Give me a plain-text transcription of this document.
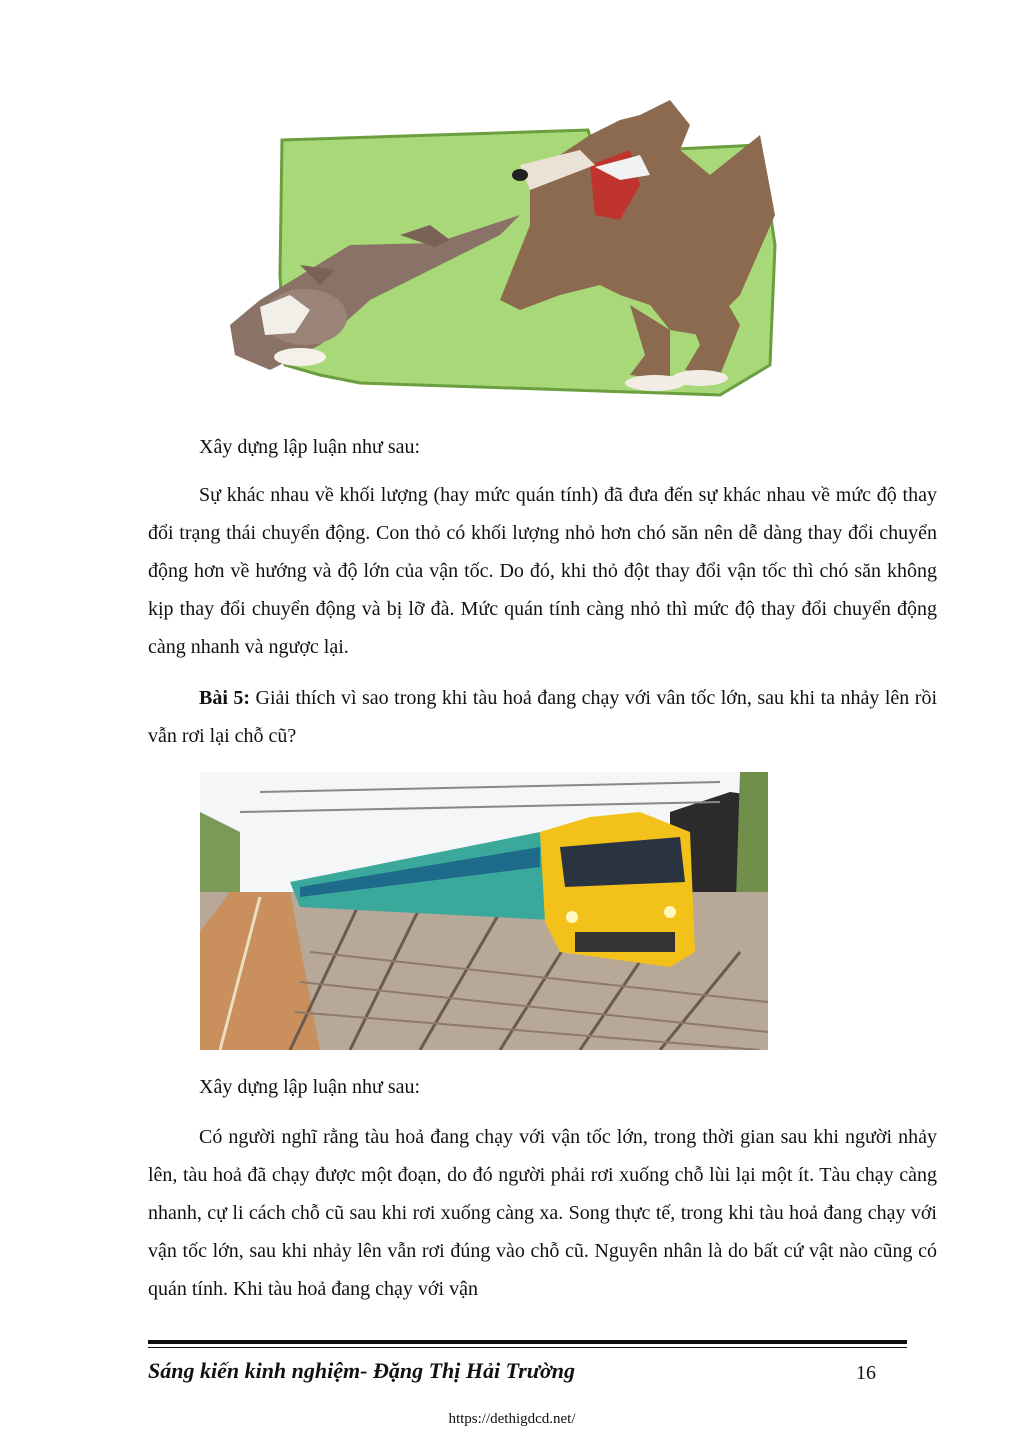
Xây dựng lập luận như sau:

Sự khác nhau về khối lượng (hay mức quán tính) đã đưa đến sự khác nhau về mức độ thay đổi trạng thái chuyển động. Con thỏ có khối lượng nhỏ hơn chó săn nên dễ dàng thay đổi chuyển động hơn về hướng và độ lớn của vận tốc. Do đó, khi thỏ đột thay đổi vận tốc thì chó săn không kịp thay đổi chuyển động và bị lỡ đà. Mức quán tính càng nhỏ thì mức độ thay đổi chuyển động càng nhanh và ngược lại.

Bài 5: Giải thích vì sao trong khi tàu hoả đang chạy với vân tốc lớn, sau khi ta nhảy lên rồi vẫn rơi lại chỗ cũ?

Xây dựng lập luận như sau:

Có người nghĩ rằng tàu hoả đang chạy với vận tốc lớn, trong thời gian sau khi người nhảy lên, tàu hoả đã chạy được một đoạn, do đó người phải rơi xuống chỗ lùi lại một ít. Tàu chạy càng nhanh, cự li cách chỗ cũ sau khi rơi xuống càng xa. Song thực tế, trong khi tàu hoả đang chạy với vận tốc lớn, sau khi nhảy lên vẫn rơi đúng vào chỗ cũ. Nguyên nhân là do bất cứ vật nào cũng có quán tính. Khi tàu hoả đang chạy với vận

Sáng kiến kinh nghiệm- Đặng Thị Hải Trường	16
https://dethigdcd.net/
